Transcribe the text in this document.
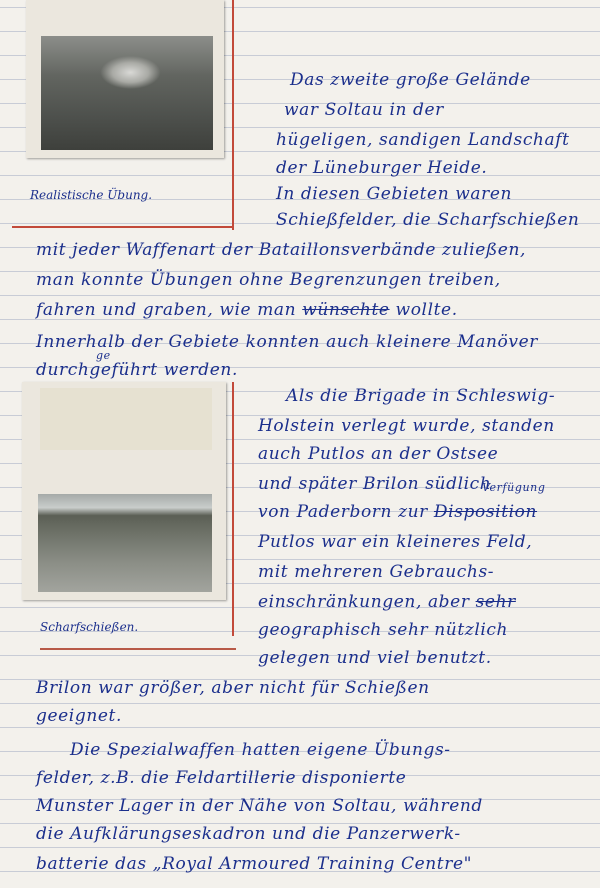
Realistische Übung.
Scharfschießen.
Das zweite große Gelände
war Soltau in der
hügeligen, sandigen Landschaft
der Lüneburger Heide.
In diesen Gebieten waren
Schießfelder, die Scharfschießen
mit jeder Waffenart der Bataillonsverbände zuließen,
man konnte Übungen ohne Begrenzungen treiben,
fahren und graben, wie man wünschte wollte.
Innerhalb der Gebiete konnten auch kleinere Manöver
ge
durchgeführt werden.
Als die Brigade in Schleswig-
Holstein verlegt wurde, standen
auch Putlos an der Ostsee
und später Brilon südlich
Verfügung
von Paderborn zur Disposition
Putlos war ein kleineres Feld,
mit mehreren Gebrauchs-
einschränkungen, aber sehr
geographisch sehr nützlich
gelegen und viel benutzt.
Brilon war größer, aber nicht für Schießen
geeignet.
Die Spezialwaffen hatten eigene Übungs-
felder, z.B. die Feldartillerie disponierte
Munster Lager in der Nähe von Soltau, während
die Aufklärungseskadron und die Panzerwerk-
batterie das „Royal Armoured Training Centre"
